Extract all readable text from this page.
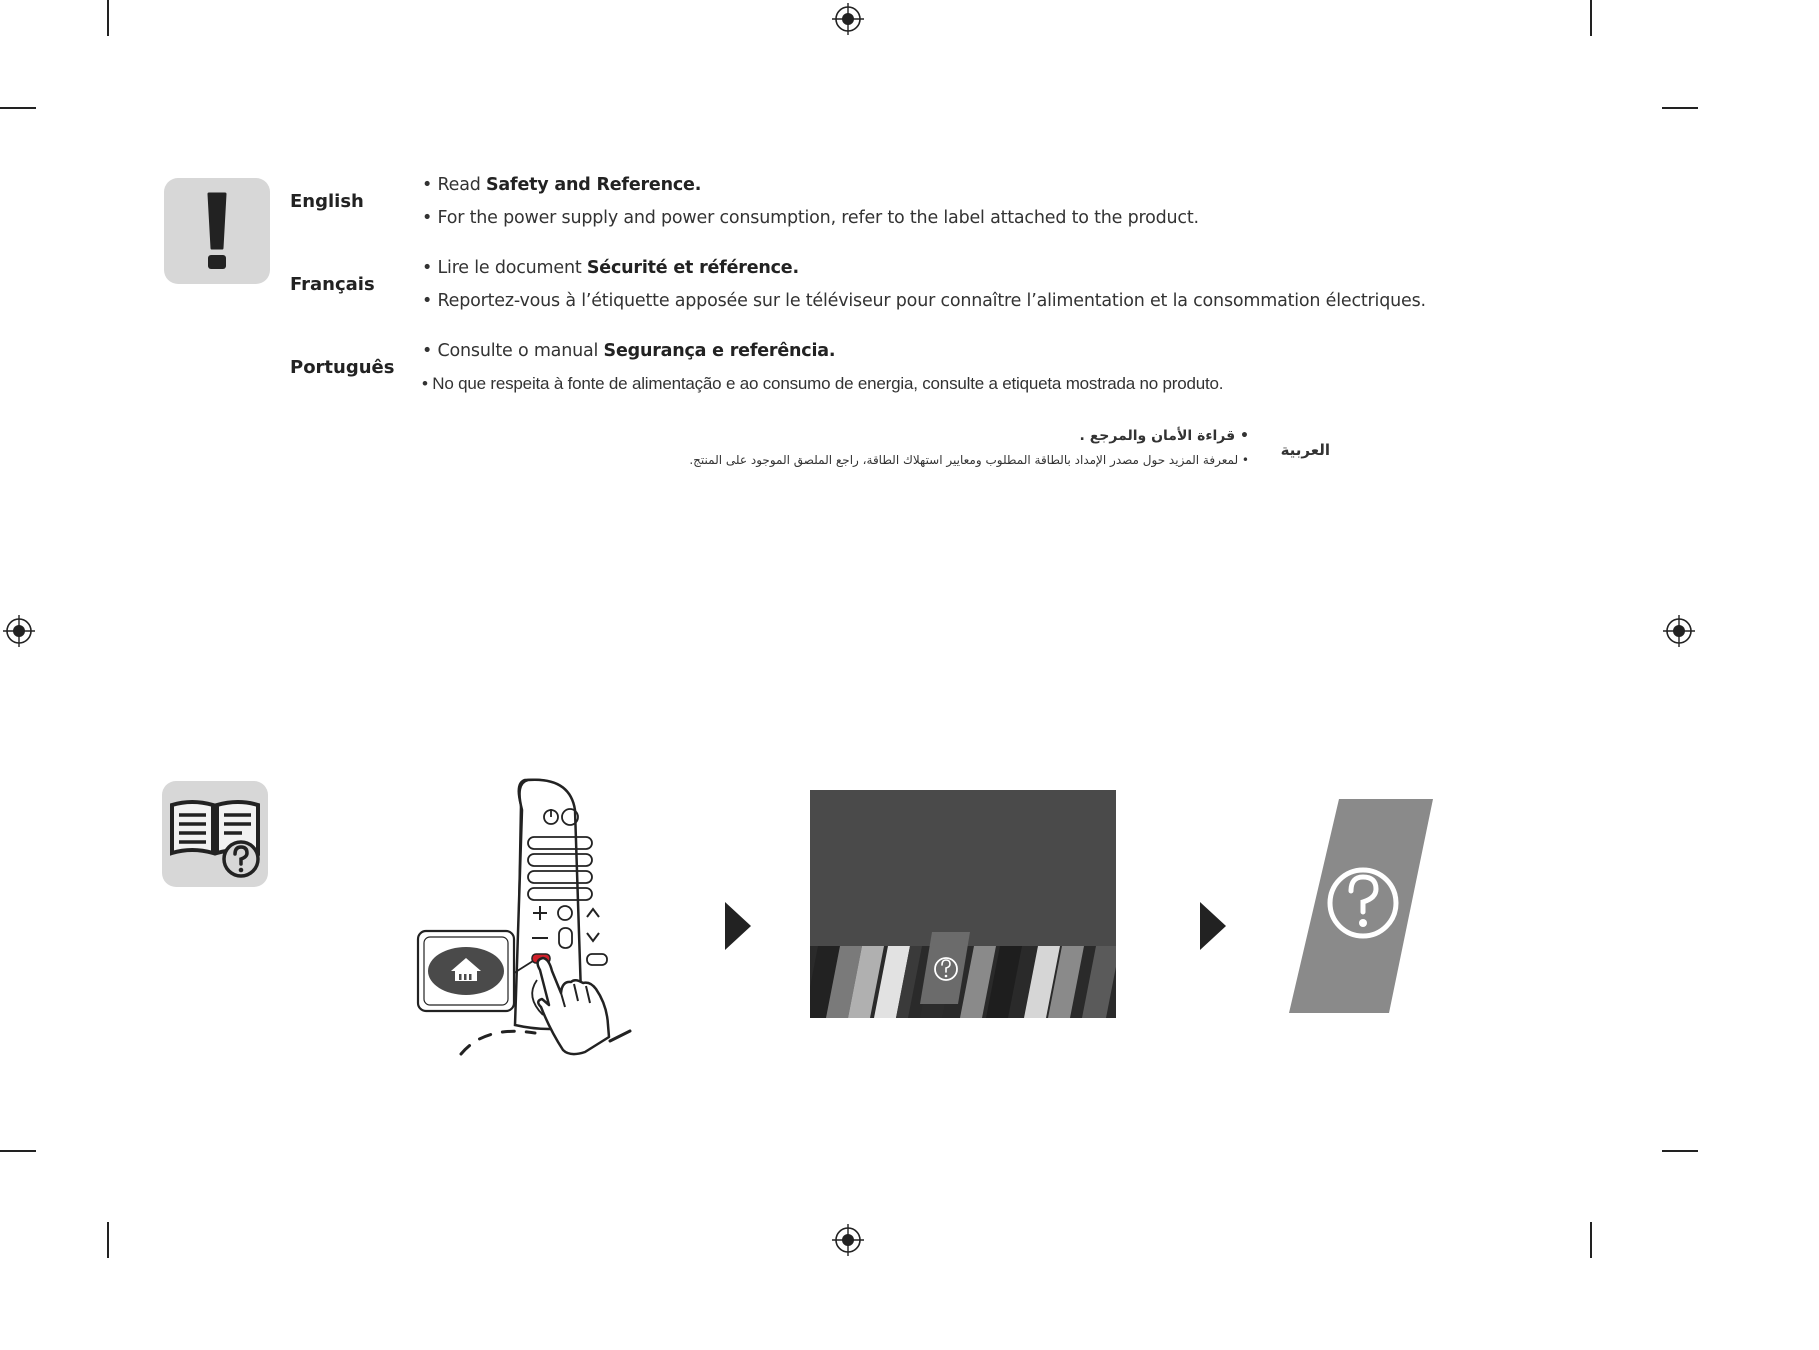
English
• Read Safety and Reference.
• For the power supply and power consumption, refer to the label attached to the product.
Français
• Lire le document Sécurité et référence.
• Reportez-vous à l’étiquette apposée sur le téléviseur pour connaître l’alimentation et la consommation électriques.
Português
• Consulte o manual Segurança e referência.
• No que respeita à fonte de alimentação e ao consumo de energia, consulte a etiqueta mostrada no produto.
العربية
• قراءة الأمان والمرجع .
• لمعرفة المزيد حول مصدر الإمداد بالطاقة المطلوب ومعايير استهلاك الطاقة، راجع الملصق الموجود على المنتج.
